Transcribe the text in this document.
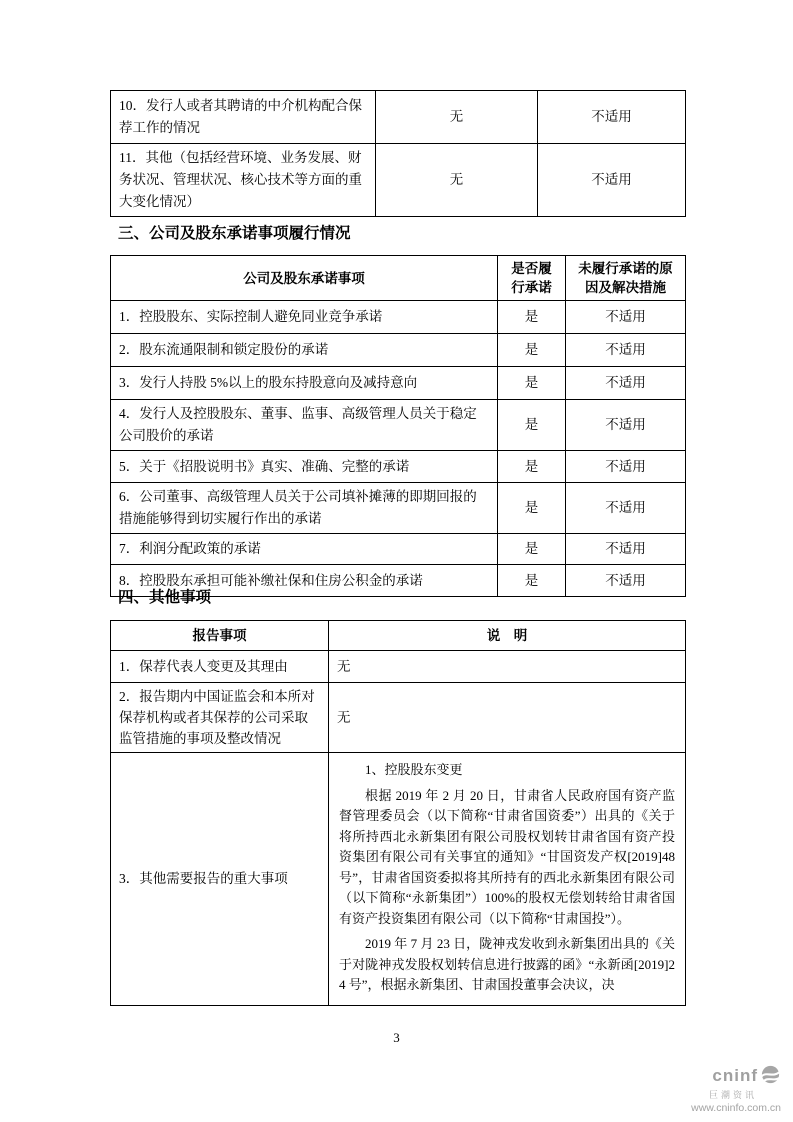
10．发行人或者其聘请的中介机构配合保荐工作的情况	无	不适用
11．其他（包括经营环境、业务发展、财务状况、管理状况、核心技术等方面的重大变化情况）	无	不适用
三、公司及股东承诺事项履行情况
公司及股东承诺事项	是否履行承诺	未履行承诺的原因及解决措施
1．控股股东、实际控制人避免同业竞争承诺	是	不适用
2．股东流通限制和锁定股份的承诺	是	不适用
3．发行人持股 5%以上的股东持股意向及减持意向	是	不适用
4．发行人及控股股东、董事、监事、高级管理人员关于稳定公司股价的承诺	是	不适用
5．关于《招股说明书》真实、准确、完整的承诺	是	不适用
6．公司董事、高级管理人员关于公司填补摊薄的即期回报的措施能够得到切实履行作出的承诺	是	不适用
7．利润分配政策的承诺	是	不适用
8．控股股东承担可能补缴社保和住房公积金的承诺	是	不适用
四、其他事项
报告事项	说　明
1．保荐代表人变更及其理由	无
2．报告期内中国证监会和本所对保荐机构或者其保荐的公司采取监管措施的事项及整改情况	无
3．其他需要报告的重大事项	1、控股股东变更

根据 2019 年 2 月 20 日，甘肃省人民政府国有资产监督管理委员会（以下简称“甘肃省国资委”）出具的《关于将所持西北永新集团有限公司股权划转甘肃省国有资产投资集团有限公司有关事宜的通知》“甘国资发产权[2019]48 号”，甘肃省国资委拟将其所持有的西北永新集团有限公司（以下简称“永新集团”）100%的股权无偿划转给甘肃省国有资产投资集团有限公司（以下简称“甘肃国投”）。

2019 年 7 月 23 日，陇神戎发收到永新集团出具的《关于对陇神戎发股权划转信息进行披露的函》“永新函[2019]24 号”，根据永新集团、甘肃国投董事会决议，决

3
cninf
巨潮资讯
www.cninfo.com.cn
